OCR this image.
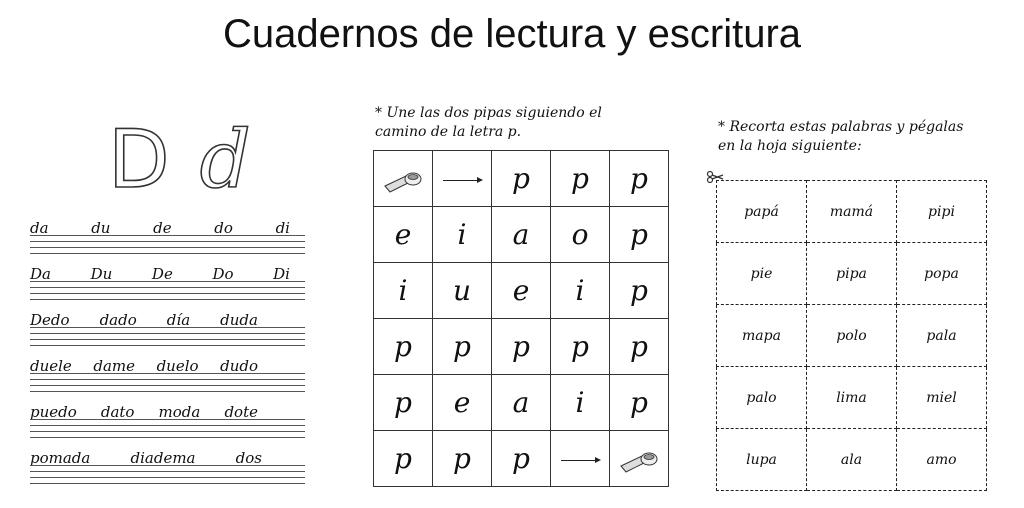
Cuadernos de lectura y escritura
D d
da	du	de	do	di
Da	Du	De	Do	Di
Dedo dado día duda
duele dame duelo dudo
puedo dato moda dote
pomada	diadema	dos
* Une las dos pipas siguiendo el
camino de la letra p.
		p	p	p
e	i	a	o	p
i	u	e	i	p
p	p	p	p	p
p	e	a	i	p
p	p	p		
* Recorta estas palabras y pégalas
en la hoja siguiente:
papá	mamá	pipi
pie	pipa	popa
mapa	polo	pala
palo	lima	miel
lupa	ala	amo
